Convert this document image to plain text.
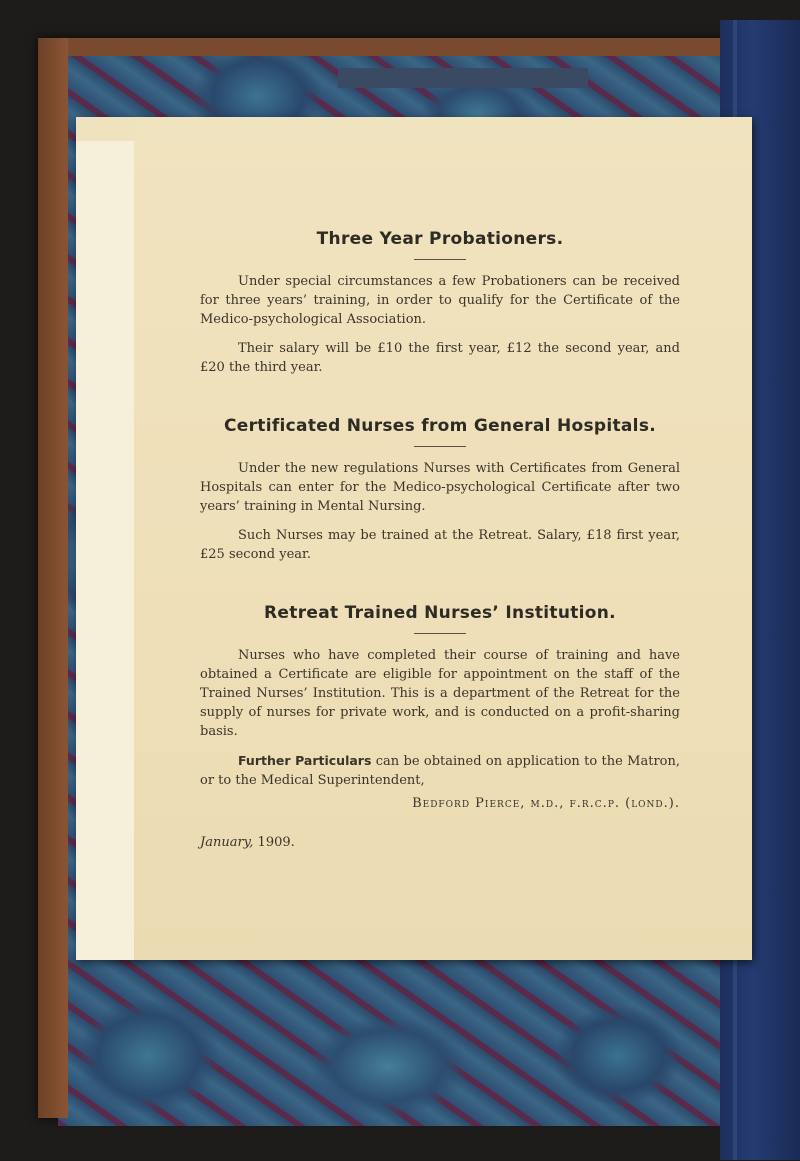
Three Year Probationers.

Under special circumstances a few Probationers can be received for three years’ training, in order to qualify for the Certificate of the Medico-psychological Association.

Their salary will be £10 the first year, £12 the second year, and £20 the third year.

Certificated Nurses from General Hospitals.

Under the new regulations Nurses with Certificates from General Hospitals can enter for the Medico-psychological Certificate after two years’ training in Mental Nursing.

Such Nurses may be trained at the Retreat. Salary, £18 first year, £25 second year.

Retreat Trained Nurses’ Institution.

Nurses who have completed their course of training and have obtained a Certificate are eligible for appointment on the staff of the Trained Nurses’ Institution. This is a department of the Retreat for the supply of nurses for private work, and is conducted on a profit-sharing basis.

Further Particulars can be obtained on application to the Matron, or to the Medical Superintendent,

Bedford Pierce, m.d., f.r.c.p. (lond.).
January, 1909.
